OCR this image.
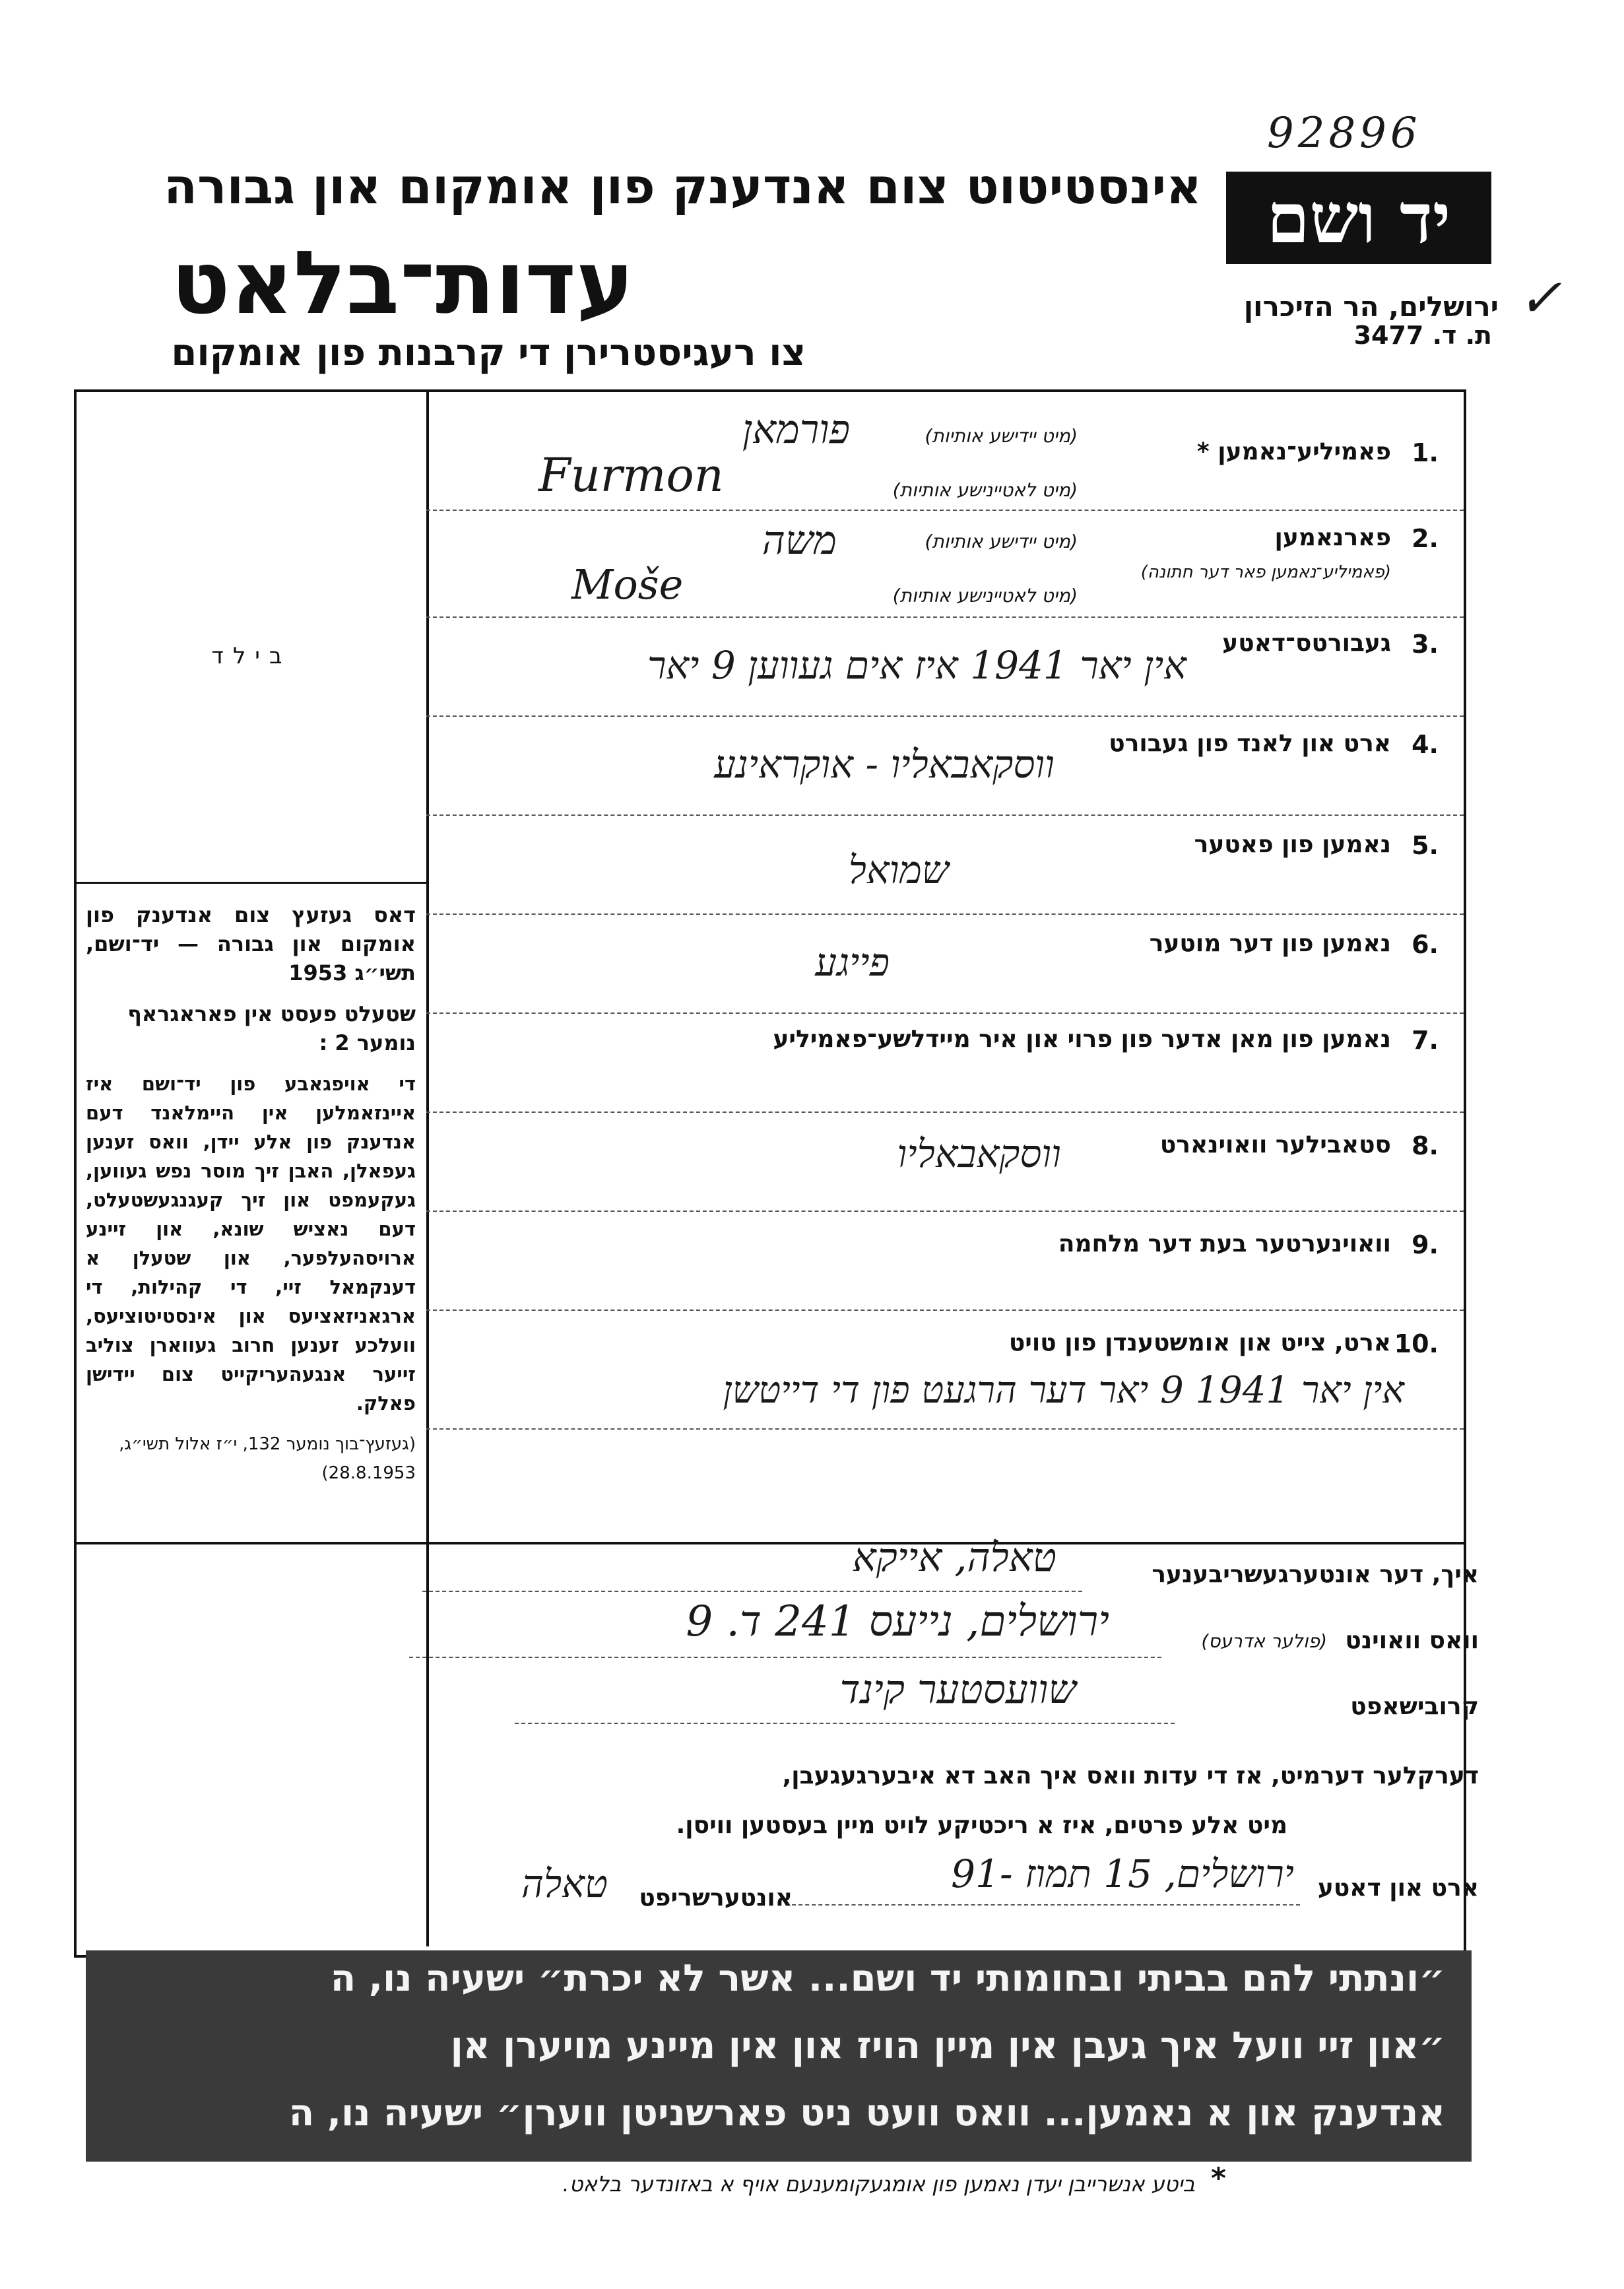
92896
אינסטיטוט צום אנדענק פון אומקום און גבורה
עדות־בלאט
צו רעגיסטרירן די קרבנות פון אומקום
יד ושם
ירושלים, הר הזיכרון
ת. ד. 3477
✓
בילד

דאס געזעץ צום אנדענק פון אומקום און גבורה — יד־ושם, תשי״ג 1953

שטעלט פעסט אין פאראגראף נומער 2 :

די אויפגאבע פון יד־ושם איז איינזאמלען אין היימלאנד דעם אנדענק פון אלע יידן, וואס זענען געפאלן, האבן זיך מוסר נפש געווען, געקעמפט און זיך קעגנגעשטעלט, דעם נאציש שונא, און זיינע ארויסהעלפער, און שטעלן א דענקמאל זיי, די קהילות, די ארגאניזאציעס און אינסטיטוציעס, וועלכע זענען חרוב געווארן צוליב זייער אנגעהעריקייט צום יידישן פאלק.

(געזעץ־בוך נומער 132, י״ז אלול תשי״ג, 28.8.1953)

1.
פאמיליע־נאמען *
(מיט יידישע אותיות)
(מיט לאטיינישע אותיות)
פורמאן
Furmon
2.
פארנאמען
(פאמיליע־נאמען פאר דער חתונה)
(מיט יידישע אותיות)
(מיט לאטיינישע אותיות)
משה
Moše
3.
געבורטס־דאטע
אין יאר 1941 איז אים געווען 9 יאר
4.
ארט און לאנד פון געבורט
ווסקאבאליו - אוקראינע
5.
נאמען פון פאטער
שמואל
6.
נאמען פון דער מוטער
פייגע
7.
נאמען פון מאן אדער פון פרוי און איר מיידלשע־פאמיליע
8.
סטאבילער וואוינארט
ווסקאבאליו
9.
וואוינערטער בעת דער מלחמה
10.
ארט, צייט און אומשטענדן פון טויט
אין יאר 1941 9 יאר דער הרגעט פון די דייטשן
איך, דער אונטערגעשריבענער
טאלה, אייקא
וואס וואוינט
(פולער אדרעס)
ירושלים, נייעס 241 ד. 9
קרובישאפט
שוועסטער קינד
דערקלער דערמיט, אז די עדות וואס איך האב דא איבערגעגעבן,
מיט אלע פרטים, איז א ריכטיקע לויט מיין בעסטען וויסן.
ארט און דאטע
ירושלים, 15 תמוז -91
אונטערשריפט
טאלה
״ונתתי להם בביתי ובחומותי יד ושם... אשר לא יכרת״ ישעיה נו, ה
״און זיי וועל איך געבן אין מיין הויז און אין מיינע מויערן אן
אנדענק און א נאמען... וואס וועט ניט פארשניטן ווערן״ ישעיה נו, ה
*
ביטע אנשרייבן יעדן נאמען פון אומגעקומענעם אויף א באזונדער בלאט.
